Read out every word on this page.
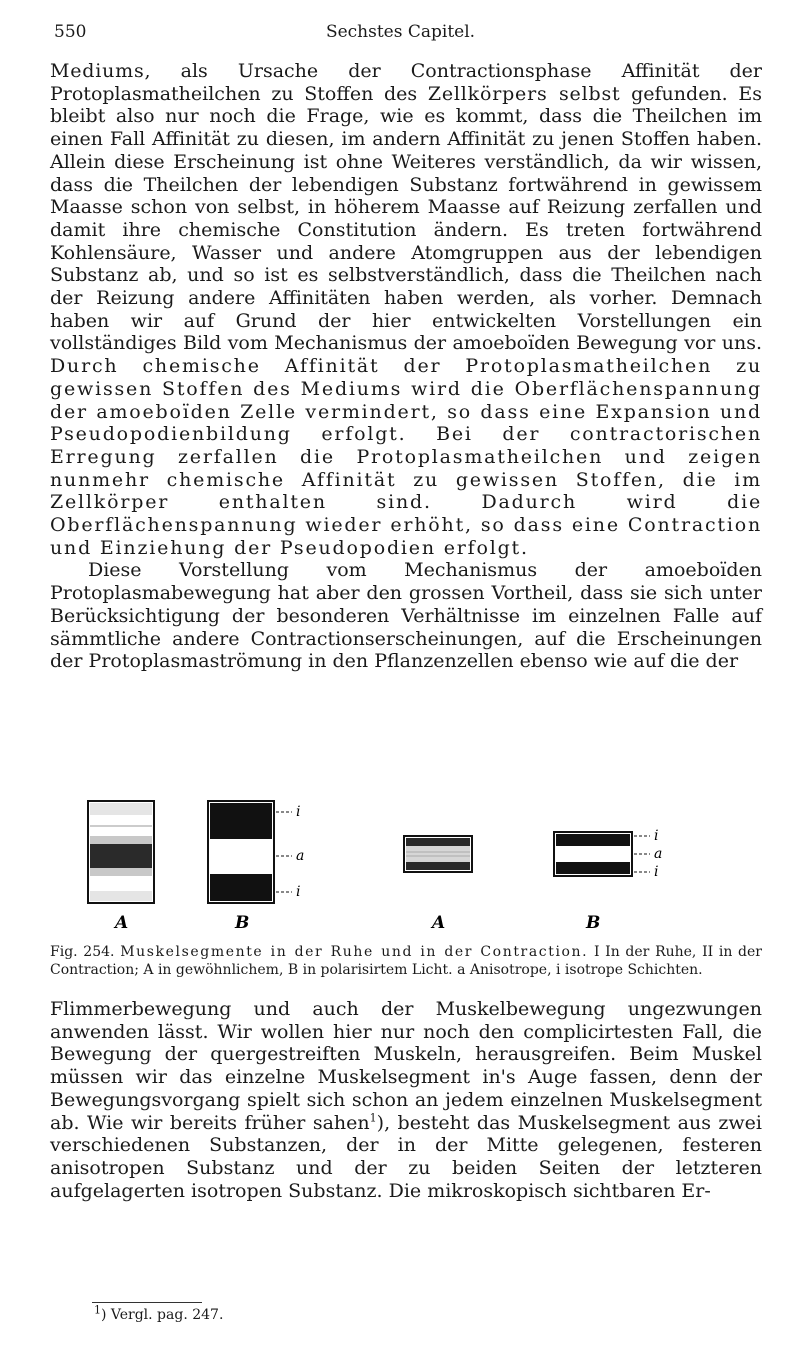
550	Sechstes Capitel.

Mediums, als Ursache der Contractionsphase Affinität der Protoplasmatheilchen zu Stoffen des Zellkörpers selbst gefunden. Es bleibt also nur noch die Frage, wie es kommt, dass die Theilchen im einen Fall Affinität zu diesen, im andern Affinität zu jenen Stoffen haben. Allein diese Erscheinung ist ohne Weiteres verständlich, da wir wissen, dass die Theilchen der lebendigen Substanz fortwährend in gewissem Maasse schon von selbst, in höherem Maasse auf Reizung zerfallen und damit ihre chemische Constitution ändern. Es treten fortwährend Kohlensäure, Wasser und andere Atomgruppen aus der lebendigen Substanz ab, und so ist es selbstverständlich, dass die Theilchen nach der Reizung andere Affinitäten haben werden, als vorher. Demnach haben wir auf Grund der hier entwickelten Vorstellungen ein vollständiges Bild vom Mechanismus der amoeboïden Bewegung vor uns. Durch chemische Affinität der Protoplasmatheilchen zu gewissen Stoffen des Mediums wird die Oberflächenspannung der amoeboïden Zelle vermindert, so dass eine Expansion und Pseudopodienbildung erfolgt. Bei der contractorischen Erregung zerfallen die Protoplasmatheilchen und zeigen nunmehr chemische Affinität zu gewissen Stoffen, die im Zellkörper enthalten sind. Dadurch wird die Oberflächenspannung wieder erhöht, so dass eine Contraction und Einziehung der Pseudopodien erfolgt.

Diese Vorstellung vom Mechanismus der amoeboïden Protoplasmabewegung hat aber den grossen Vortheil, dass sie sich unter Berücksichtigung der besonderen Verhältnisse im einzelnen Falle auf sämmtliche andere Contractionserscheinungen, auf die Erscheinungen der Protoplasmaströmung in den Pflanzenzellen ebenso wie auf die der

i
a
i
i
a
i
A	B	A	B
Fig. 254. Muskelsegmente in der Ruhe und in der Contraction. I In der Ruhe, II in der Contraction; A in gewöhnlichem, B in polarisirtem Licht. a Anisotrope, i isotrope Schichten.

Flimmerbewegung und auch der Muskelbewegung ungezwungen anwenden lässt. Wir wollen hier nur noch den complicirtesten Fall, die Bewegung der quergestreiften Muskeln, herausgreifen. Beim Muskel müssen wir das einzelne Muskelsegment in's Auge fassen, denn der Bewegungsvorgang spielt sich schon an jedem einzelnen Muskelsegment ab. Wie wir bereits früher sahen$^1$), besteht das Muskelsegment aus zwei verschiedenen Substanzen, der in der Mitte gelegenen, festeren anisotropen Substanz und der zu beiden Seiten der letzteren aufgelagerten isotropen Substanz. Die mikroskopisch sichtbaren Er-

$^1$) Vergl. pag. 247.
